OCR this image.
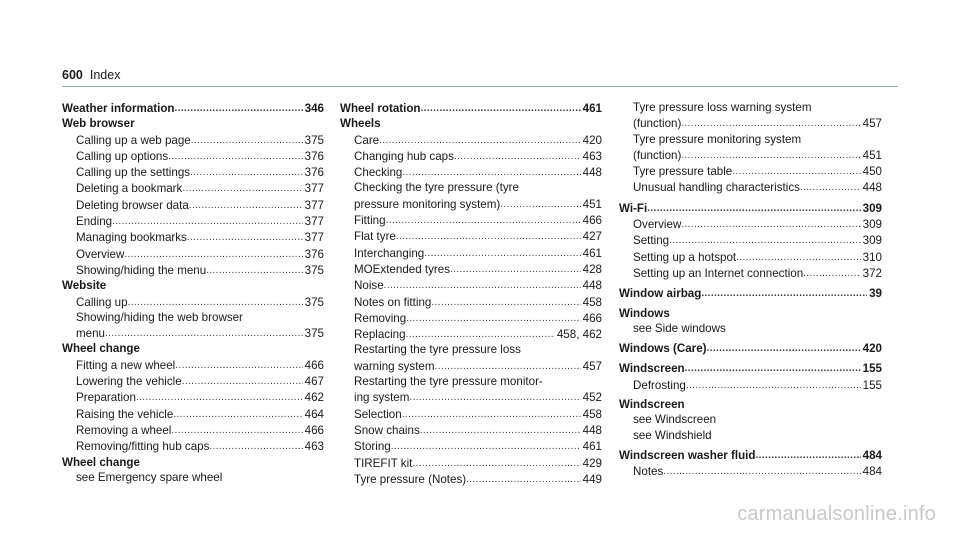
600 Index
Weather information . . .	346
Web browser
Calling up a web page . . .	375
Calling up options . . .	376
Calling up the settings . . .	376
Deleting a bookmark . . .	377
Deleting browser data . . .	377
Ending . . .	377
Managing bookmarks . . .	377
Overview . . .	376
Showing/hiding the menu . . .	375
Website
Calling up . . .	375
Showing/hiding the web browser
menu . . .	375
Wheel change
Fitting a new wheel . . .	466
Lowering the vehicle . . .	467
Preparation . . .	462
Raising the vehicle . . .	464
Removing a wheel . . .	466
Removing/fitting hub caps . . .	463
Wheel change
see Emergency spare wheel
Wheel rotation . . .	461
Wheels
Care . . .	420
Changing hub caps . . .	463
Checking . . .	448
Checking the tyre pressure (tyre
pressure monitoring system) . . .	451
Fitting . . .	466
Flat tyre . . .	427
Interchanging . . .	461
MOExtended tyres . . .	428
Noise . . .	448
Notes on fitting . . .	458
Removing . . .	466
Replacing . . .	458, 462
Restarting the tyre pressure loss
warning system . . .	457
Restarting the tyre pressure monitor-
ing system . . .	452
Selection . . .	458
Snow chains . . .	448
Storing . . .	461
TIREFIT kit . . .	429
Tyre pressure (Notes) . . .	449
Tyre pressure loss warning system
(function) . . .	457
Tyre pressure monitoring system
(function) . . .	451
Tyre pressure table . . .	450
Unusual handling characteristics . . .	448
Wi-Fi . . .	309
Overview . . .	309
Setting . . .	309
Setting up a hotspot . . .	310
Setting up an Internet connection . . .	372
Window airbag . . .	39
Windows
see Side windows
Windows (Care) . . .	420
Windscreen . . .	155
Defrosting . . .	155
Windscreen
see Windscreen
see Windshield
Windscreen washer fluid . . .	484
Notes . . .	484
carmanualsonline.info
